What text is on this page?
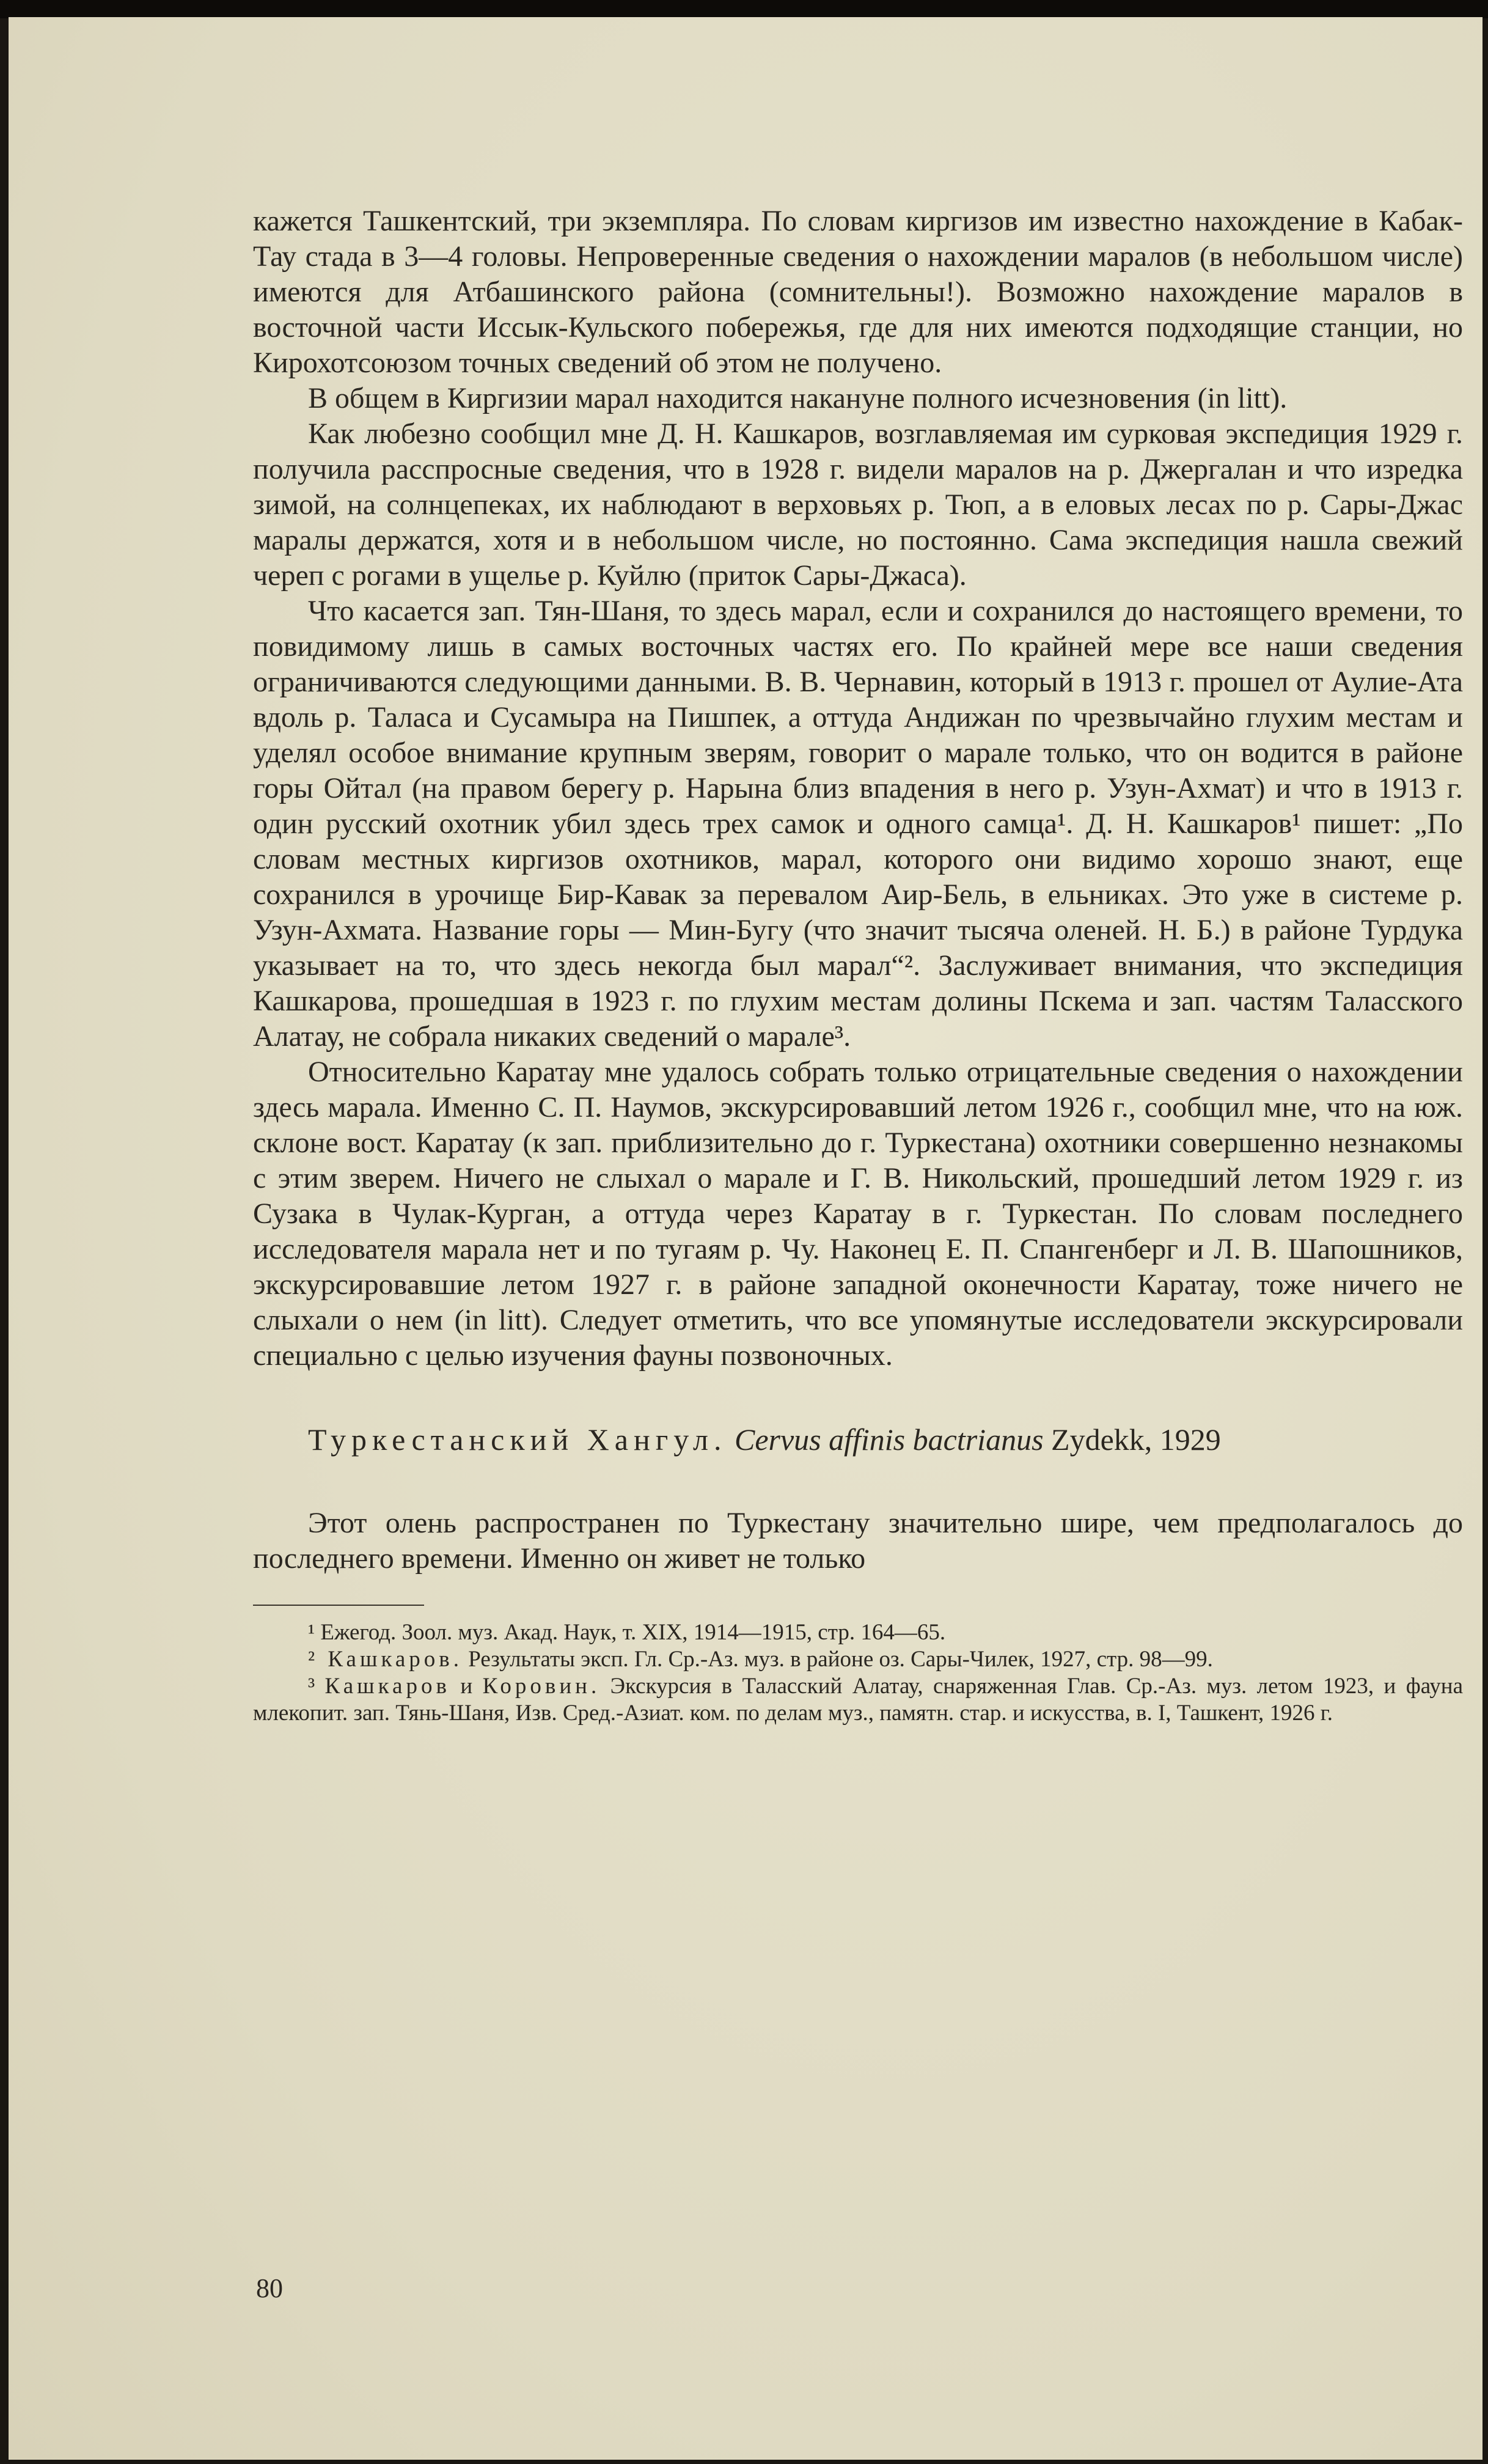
кажется Ташкентский, три экземпляра. По словам киргизов им известно нахождение в Кабак-Тау стада в 3—4 головы. Непроверенные сведения о нахождении маралов (в небольшом числе) имеются для Атбашинского района (сомнительны!). Возможно нахождение маралов в восточной части Иссык-Кульского побережья, где для них имеются подходящие станции, но Кирохотсоюзом точных сведений об этом не получено.

В общем в Киргизии марал находится накануне полного исчезновения (in litt).

Как любезно сообщил мне Д. Н. Кашкаров, возглавляемая им сурковая экспедиция 1929 г. получила расспросные сведения, что в 1928 г. видели маралов на р. Джергалан и что изредка зимой, на солнцепеках, их наблюдают в верховьях р. Тюп, а в еловых лесах по р. Сары-Джас маралы держатся, хотя и в небольшом числе, но постоянно. Сама экспедиция нашла свежий череп с рогами в ущелье р. Куйлю (приток Сары-Джаса).

Что касается зап. Тян-Шаня, то здесь марал, если и сохранился до настоящего времени, то повидимому лишь в самых восточных частях его. По крайней мере все наши сведения ограничиваются следующими данными. В. В. Чернавин, который в 1913 г. прошел от Аулие-Ата вдоль р. Таласа и Сусамыра на Пишпек, а оттуда Андижан по чрезвычайно глухим местам и уделял особое внимание крупным зверям, говорит о марале только, что он водится в районе горы Ойтал (на правом берегу р. Нарына близ впадения в него р. Узун-Ахмат) и что в 1913 г. один русский охотник убил здесь трех самок и одного самца¹. Д. Н. Кашкаров¹ пишет: „По словам местных киргизов охотников, марал, которого они видимо хорошо знают, еще сохранился в урочище Бир-Кавак за перевалом Аир-Бель, в ельниках. Это уже в системе р. Узун-Ахмата. Название горы — Мин-Бугу (что значит тысяча оленей. Н. Б.) в районе Турдука указывает на то, что здесь некогда был марал“². Заслуживает внимания, что экспедиция Кашкарова, прошедшая в 1923 г. по глухим местам долины Пскема и зап. частям Таласского Алатау, не собрала никаких сведений о марале³.

Относительно Каратау мне удалось собрать только отрицательные сведения о нахождении здесь марала. Именно С. П. Наумов, экскурсировавший летом 1926 г., сообщил мне, что на юж. склоне вост. Каратау (к зап. приблизительно до г. Туркестана) охотники совершенно незнакомы с этим зверем. Ничего не слыхал о марале и Г. В. Никольский, прошедший летом 1929 г. из Сузака в Чулак-Курган, а оттуда через Каратау в г. Туркестан. По словам последнего исследователя марала нет и по тугаям р. Чу. Наконец Е. П. Спангенберг и Л. В. Шапошников, экскурсировавшие летом 1927 г. в районе западной оконечности Каратау, тоже ничего не слыхали о нем (in litt). Следует отметить, что все упомянутые исследователи экскурсировали специально с целью изучения фауны позвоночных.

Туркестанский Хангул. Cervus affinis bactrianus Zydekk, 1929

Этот олень распространен по Туркестану значительно шире, чем предполагалось до последнего времени. Именно он живет не только

¹ Ежегод. Зоол. муз. Акад. Наук, т. XIX, 1914—1915, стр. 164—65.

² Кашкаров. Результаты эксп. Гл. Ср.-Аз. муз. в районе оз. Сары-Чилек, 1927, стр. 98—99.

³ Кашкаров и Коровин. Экскурсия в Таласский Алатау, снаряженная Глав. Ср.-Аз. муз. летом 1923, и фауна млекопит. зап. Тянь-Шаня, Изв. Сред.-Азиат. ком. по делам муз., памятн. стар. и искусства, в. I, Ташкент, 1926 г.

80
